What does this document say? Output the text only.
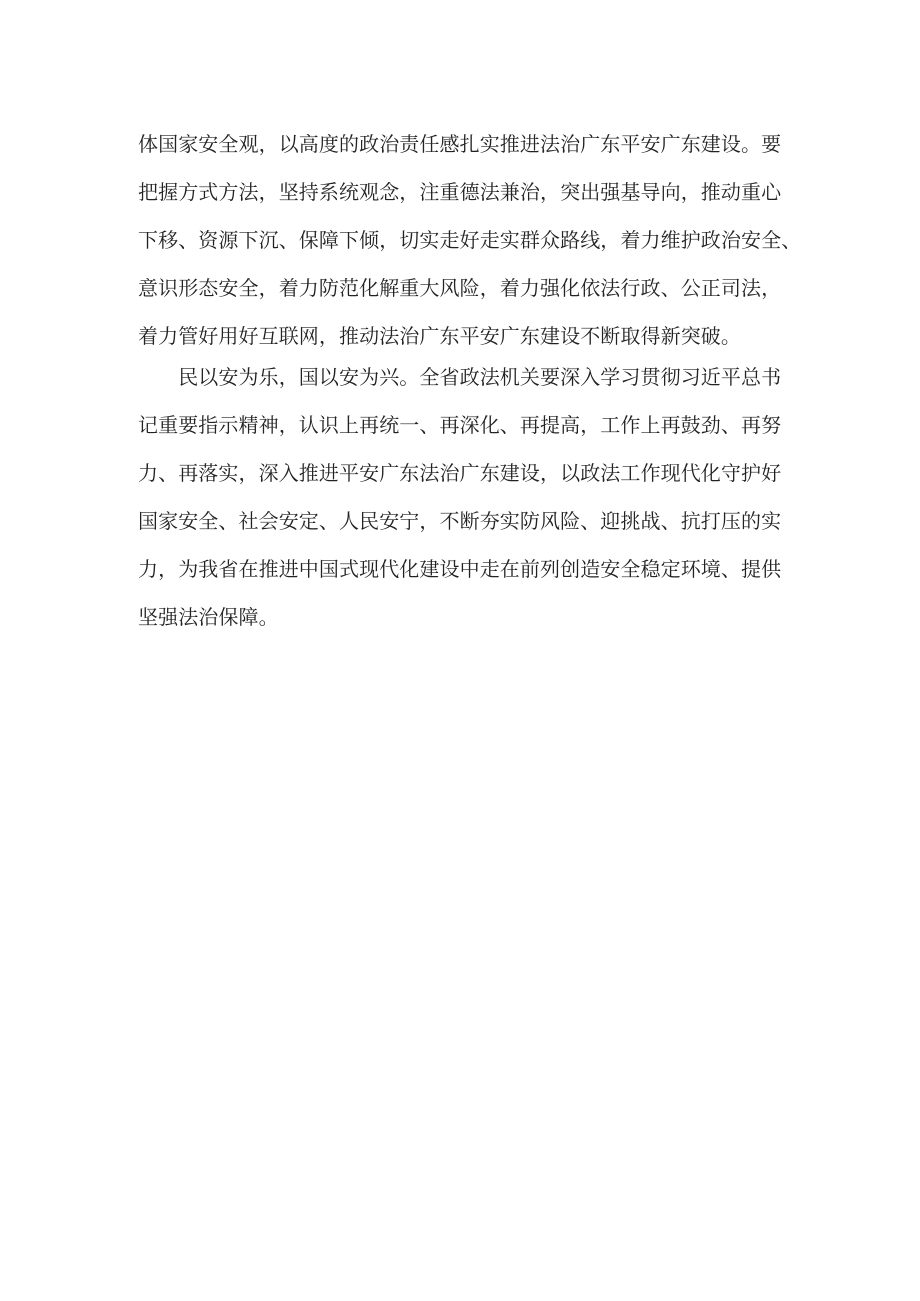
体国家安全观，以高度的政治责任感扎实推进法治广东平安广东建设。要
把握方式方法，坚持系统观念，注重德法兼治，突出强基导向，推动重心
下移、资源下沉、保障下倾，切实走好走实群众路线，着力维护政治安全、
意识形态安全，着力防范化解重大风险，着力强化依法行政、公正司法，
着力管好用好互联网，推动法治广东平安广东建设不断取得新突破。
　　民以安为乐，国以安为兴。全省政法机关要深入学习贯彻习近平总书
记重要指示精神，认识上再统一、再深化、再提高，工作上再鼓劲、再努
力、再落实，深入推进平安广东法治广东建设，以政法工作现代化守护好
国家安全、社会安定、人民安宁，不断夯实防风险、迎挑战、抗打压的实
力，为我省在推进中国式现代化建设中走在前列创造安全稳定环境、提供
坚强法治保障。
